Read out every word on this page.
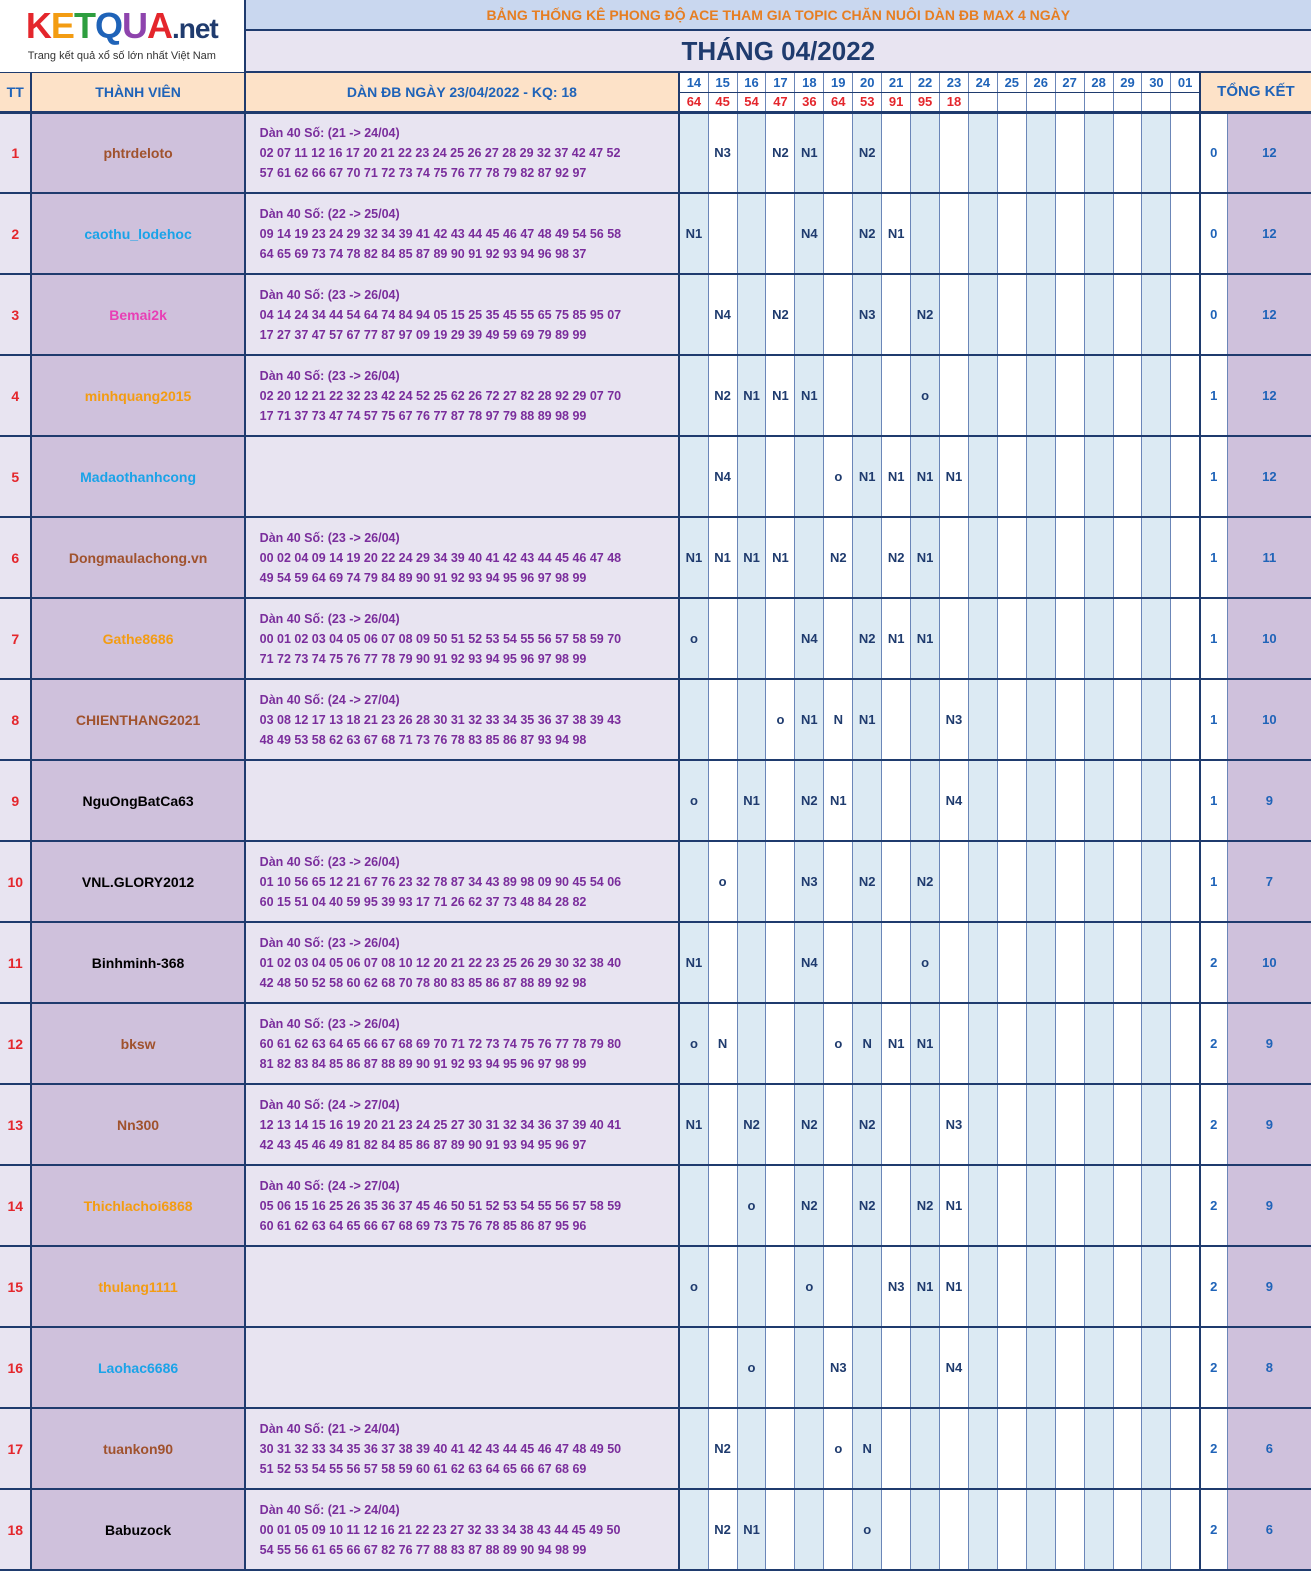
KETQUA.net
Trang kết quả xổ số lớn nhất Việt Nam		BẢNG THỐNG KÊ PHONG ĐỘ ACE THAM GIA TOPIC CHĂN NUÔI DÀN ĐB MAX 4 NGÀY																				
		THÁNG 04/2022																				
TT	THÀNH VIÊN	DÀN ĐB NGÀY 23/04/2022 - KQ: 18	14	15	16	17	18	19	20	21	22	23	24	25	26	27	28	29	30	01	TỔNG KẾT	
			64	45	54	47	36	64	53	91	95	18										
1	phtrdeloto	Dàn 40 Số: (21 -> 24/04)
02 07 11 12 16 17 20 21 22 23 24 25 26 27 28 29 32 37 42 47 52
57 61 62 66 67 70 71 72 73 74 75 76 77 78 79 82 87 92 97		N3		N2	N1		N2												0	12
2	caothu_lodehoc	Dàn 40 Số: (22 -> 25/04)
09 14 19 23 24 29 32 34 39 41 42 43 44 45 46 47 48 49 54 56 58
64 65 69 73 74 78 82 84 85 87 89 90 91 92 93 94 96 98 37	N1				N4		N2	N1											0	12
3	Bemai2k	Dàn 40 Số: (23 -> 26/04)
04 14 24 34 44 54 64 74 84 94 05 15 25 35 45 55 65 75 85 95 07
17 27 37 47 57 67 77 87 97 09 19 29 39 49 59 69 79 89 99		N4		N2			N3		N2										0	12
4	minhquang2015	Dàn 40 Số: (23 -> 26/04)
02 20 12 21 22 32 23 42 24 52 25 62 26 72 27 82 28 92 29 07 70
17 71 37 73 47 74 57 75 67 76 77 87 78 97 79 88 89 98 99		N2	N1	N1	N1				o										1	12
5	Madaothanhcong			N4				o	N1	N1	N1	N1									1	12
6	Dongmaulachong.vn	Dàn 40 Số: (23 -> 26/04)
00 02 04 09 14 19 20 22 24 29 34 39 40 41 42 43 44 45 46 47 48
49 54 59 64 69 74 79 84 89 90 91 92 93 94 95 96 97 98 99	N1	N1	N1	N1		N2		N2	N1										1	11
7	Gathe8686	Dàn 40 Số: (23 -> 26/04)
00 01 02 03 04 05 06 07 08 09 50 51 52 53 54 55 56 57 58 59 70
71 72 73 74 75 76 77 78 79 90 91 92 93 94 95 96 97 98 99	o				N4		N2	N1	N1										1	10
8	CHIENTHANG2021	Dàn 40 Số: (24 -> 27/04)
03 08 12 17 13 18 21 23 26 28 30 31 32 33 34 35 36 37 38 39 43
48 49 53 58 62 63 67 68 71 73 76 78 83 85 86 87 93 94 98				o	N1	N	N1			N3									1	10
9	NguOngBatCa63		o		N1		N2	N1				N4									1	9
10	VNL.GLORY2012	Dàn 40 Số: (23 -> 26/04)
01 10 56 65 12 21 67 76 23 32 78 87 34 43 89 98 09 90 45 54 06
60 15 51 04 40 59 95 39 93 17 71 26 62 37 73 48 84 28 82		o			N3		N2		N2										1	7
11	Binhminh-368	Dàn 40 Số: (23 -> 26/04)
01 02 03 04 05 06 07 08 10 12 20 21 22 23 25 26 29 30 32 38 40
42 48 50 52 58 60 62 68 70 78 80 83 85 86 87 88 89 92 98	N1				N4				o										2	10
12	bksw	Dàn 40 Số: (23 -> 26/04)
60 61 62 63 64 65 66 67 68 69 70 71 72 73 74 75 76 77 78 79 80
81 82 83 84 85 86 87 88 89 90 91 92 93 94 95 96 97 98 99	o	N				o	N	N1	N1										2	9
13	Nn300	Dàn 40 Số: (24 -> 27/04)
12 13 14 15 16 19 20 21 23 24 25 27 30 31 32 34 36 37 39 40 41
42 43 45 46 49 81 82 84 85 86 87 89 90 91 93 94 95 96 97	N1		N2		N2		N2			N3									2	9
14	Thichlachoi6868	Dàn 40 Số: (24 -> 27/04)
05 06 15 16 25 26 35 36 37 45 46 50 51 52 53 54 55 56 57 58 59
60 61 62 63 64 65 66 67 68 69 73 75 76 78 85 86 87 95 96			o		N2		N2		N2	N1									2	9
15	thulang1111		o				o			N3	N1	N1									2	9
16	Laohac6686				o			N3				N4									2	8
17	tuankon90	Dàn 40 Số: (21 -> 24/04)
30 31 32 33 34 35 36 37 38 39 40 41 42 43 44 45 46 47 48 49 50
51 52 53 54 55 56 57 58 59 60 61 62 63 64 65 66 67 68 69		N2				o	N												2	6
18	Babuzock	Dàn 40 Số: (21 -> 24/04)
00 01 05 09 10 11 12 16 21 22 23 27 32 33 34 38 43 44 45 49 50
54 55 56 61 65 66 67 82 76 77 88 83 87 88 89 90 94 98 99		N2	N1				o												2	6
